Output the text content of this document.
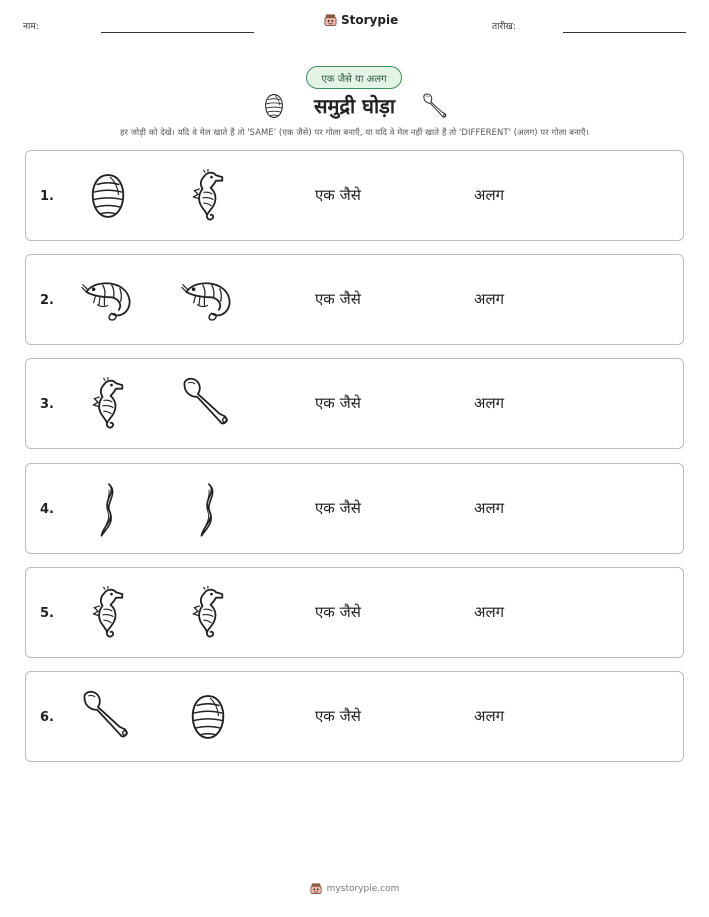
नाम:	Storypie	तारीख:
एक जैसे या अलग
समुद्री घोड़ा
हर जोड़ी को देखें। यदि वे मेल खाते हैं तो 'SAME' (एक जैसे) पर गोला बनाएँ, या यदि वे मेल नहीं खाते हैं तो 'DIFFERENT' (अलग) पर गोला बनाएँ।
1.	एक जैसे	अलग
2.	एक जैसे	अलग
3.	एक जैसे	अलग
4.	एक जैसे	अलग
5.	एक जैसे	अलग
6.	एक जैसे	अलग
mystorypie.com
